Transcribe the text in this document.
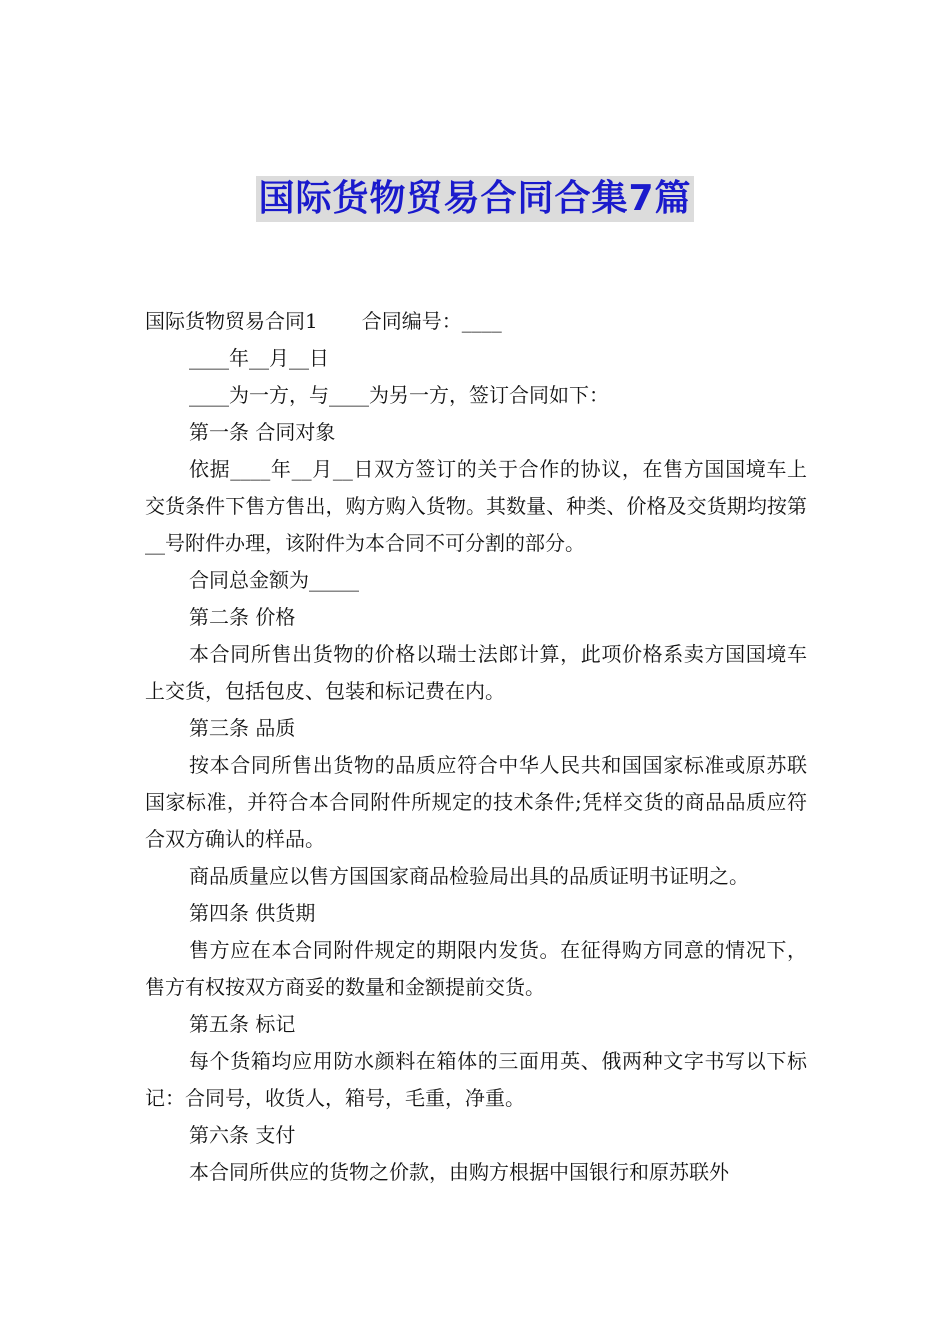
国际货物贸易合同合集7篇
国际货物贸易合同1 合同编号：____
____年__月__日
____为一方，与____为另一方，签订合同如下：
第一条 合同对象
依据____年__月__日双方签订的关于合作的协议，在售方国国境车上交货条件下售方售出，购方购入货物。其数量、种类、价格及交货期均按第__号附件办理，该附件为本合同不可分割的部分。
合同总金额为_____
第二条 价格
本合同所售出货物的价格以瑞士法郎计算，此项价格系卖方国国境车上交货，包括包皮、包装和标记费在内。
第三条 品质
按本合同所售出货物的品质应符合中华人民共和国国家标准或原苏联国家标准，并符合本合同附件所规定的技术条件;凭样交货的商品品质应符合双方确认的样品。
商品质量应以售方国国家商品检验局出具的品质证明书证明之。
第四条 供货期
售方应在本合同附件规定的期限内发货。在征得购方同意的情况下，售方有权按双方商妥的数量和金额提前交货。
第五条 标记
每个货箱均应用防水颜料在箱体的三面用英、俄两种文字书写以下标记：合同号，收货人，箱号，毛重，净重。
第六条 支付
本合同所供应的货物之价款，由购方根据中国银行和原苏联外
